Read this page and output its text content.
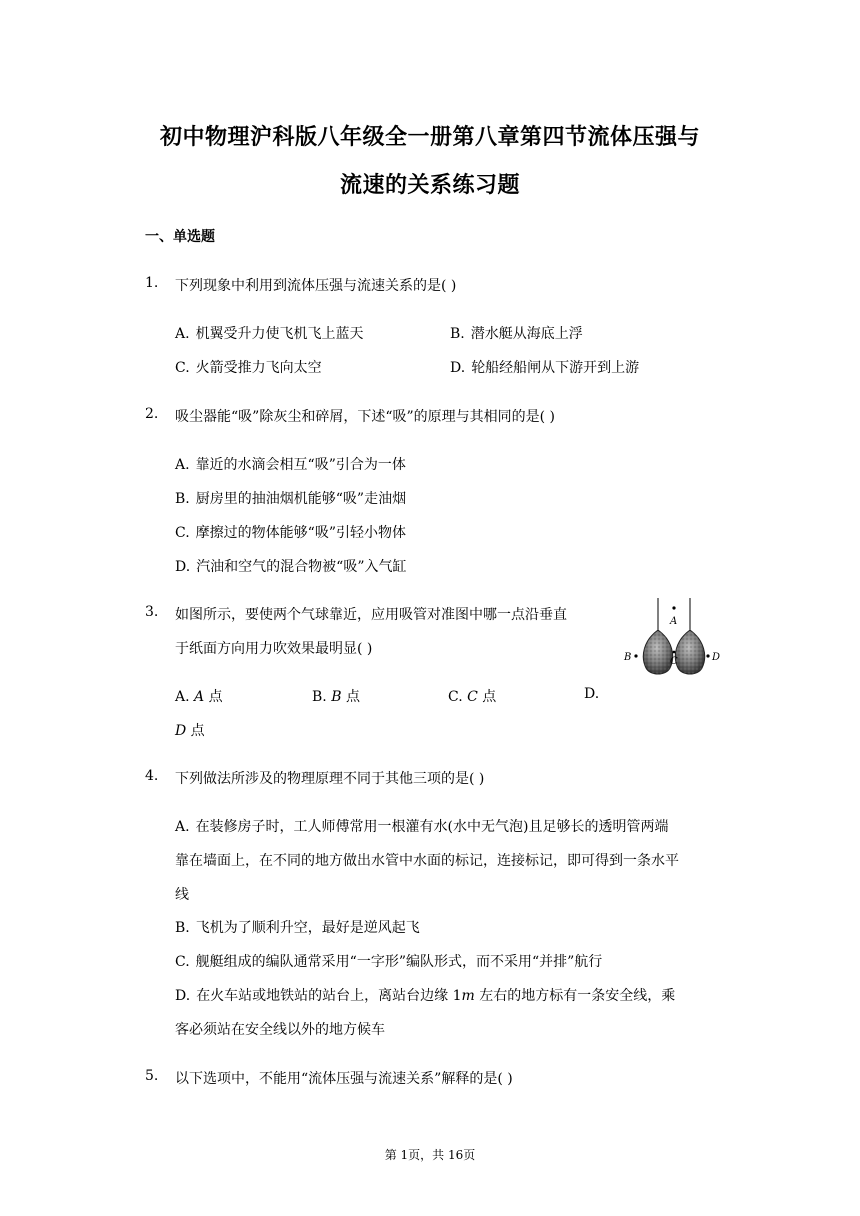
初中物理沪科版八年级全一册第八章第四节流体压强与
流速的关系练习题
一、单选题
1. 下列现象中利用到流体压强与流速关系的是( )
A. 机翼受升力使飞机飞上蓝天	B. 潜水艇从海底上浮
C. 火箭受推力飞向太空	D. 轮船经船闸从下游开到上游
2. 吸尘器能“吸”除灰尘和碎屑，下述“吸”的原理与其相同的是( )
A. 靠近的水滴会相互“吸”引合为一体
B. 厨房里的抽油烟机能够“吸”走油烟
C. 摩擦过的物体能够“吸”引轻小物体
D. 汽油和空气的混合物被“吸”入气缸
3. 如图所示，要使两个气球靠近，应用吸管对准图中哪一点沿垂直
于纸面方向用力吹效果最明显( )
A. A 点	B. B 点	C. C 点	D.
D 点
A
B	C	D
4. 下列做法所涉及的物理原理不同于其他三项的是( )
A. 在装修房子时，工人师傅常用一根灌有水(水中无气泡)且足够长的透明管两端
靠在墙面上，在不同的地方做出水管中水面的标记，连接标记，即可得到一条水平
线
B. 飞机为了顺利升空，最好是逆风起飞
C. 舰艇组成的编队通常采用“一字形”编队形式，而不采用“并排”航行
D. 在火车站或地铁站的站台上，离站台边缘 1m 左右的地方标有一条安全线，乘
客必须站在安全线以外的地方候车
5. 以下选项中，不能用“流体压强与流速关系”解释的是( )
第 1页，共 16页
